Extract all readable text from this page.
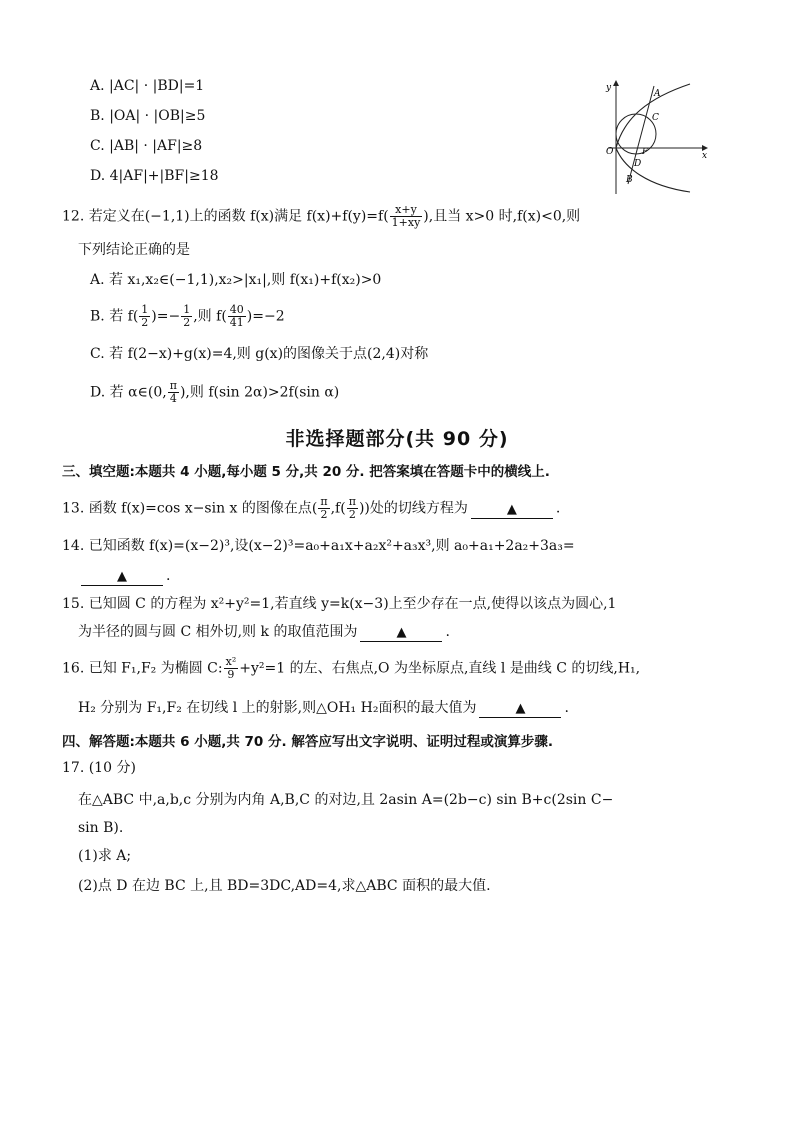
A. |AC| · |BD|=1
B. |OA| · |OB|≥5
C. |AB| · |AF|≥8
D. 4|AF|+|BF|≥18
y
x
O
A
C
F
D
B
12. 若定义在(−1,1)上的函数 f(x)满足 $f(x)+f(y)=f( \frac{x+y}{1+xy}$ ),且当 x>0 时,f(x)<0,则
下列结论正确的是
A. 若 x₁,x₂∈(−1,1),x₂>|x₁|,则 f(x₁)+f(x₂)>0
B. 若 $f( \frac{1}{2}$ )=− $\frac{1}{2}$ ,则 $f( \frac{40}{41} )=-2$
C. 若 f(2−x)+g(x)=4,则 g(x)的图像关于点(2,4)对称
D. 若 α∈(0, $\frac{\pi}{4}$ ),则 f(sin 2α)>2f(sin α)
非选择题部分(共 90 分)
三、填空题:本题共 4 小题,每小题 5 分,共 20 分. 把答案填在答题卡中的横线上.
13. 函数 f(x)=cos x−sin x 的图像在点( $\frac{\pi}{2} ,f( \frac{\pi}{2}$ ))处的切线方程为	▲	.
14. 已知函数 f(x)=(x−2)³,设(x−2)³=a₀+a₁x+a₂x²+a₃x³,则 a₀+a₁+2a₂+3a₃=
▲	.
15. 已知圆 C 的方程为 x²+y²=1,若直线 y=k(x−3)上至少存在一点,使得以该点为圆心,1
为半径的圆与圆 C 相外切,则 k 的取值范围为	▲	.
16. 已知 F₁,F₂ 为椭圆 C: $\frac{\text{x²}}{9} +y^2=1$ 的左、右焦点,O 为坐标原点,直线 l 是曲线 C 的切线,H₁,
H₂ 分别为 F₁,F₂ 在切线 l 上的射影,则△OH₁ H₂面积的最大值为	▲	.
四、解答题:本题共 6 小题,共 70 分. 解答应写出文字说明、证明过程或演算步骤.
17. (10 分)
在△ABC 中,a,b,c 分别为内角 A,B,C 的对边,且 2asin A=(2b−c) sin B+c(2sin C−
sin B).
(1)求 A;
(2)点 D 在边 BC 上,且 BD=3DC,AD=4,求△ABC 面积的最大值.
